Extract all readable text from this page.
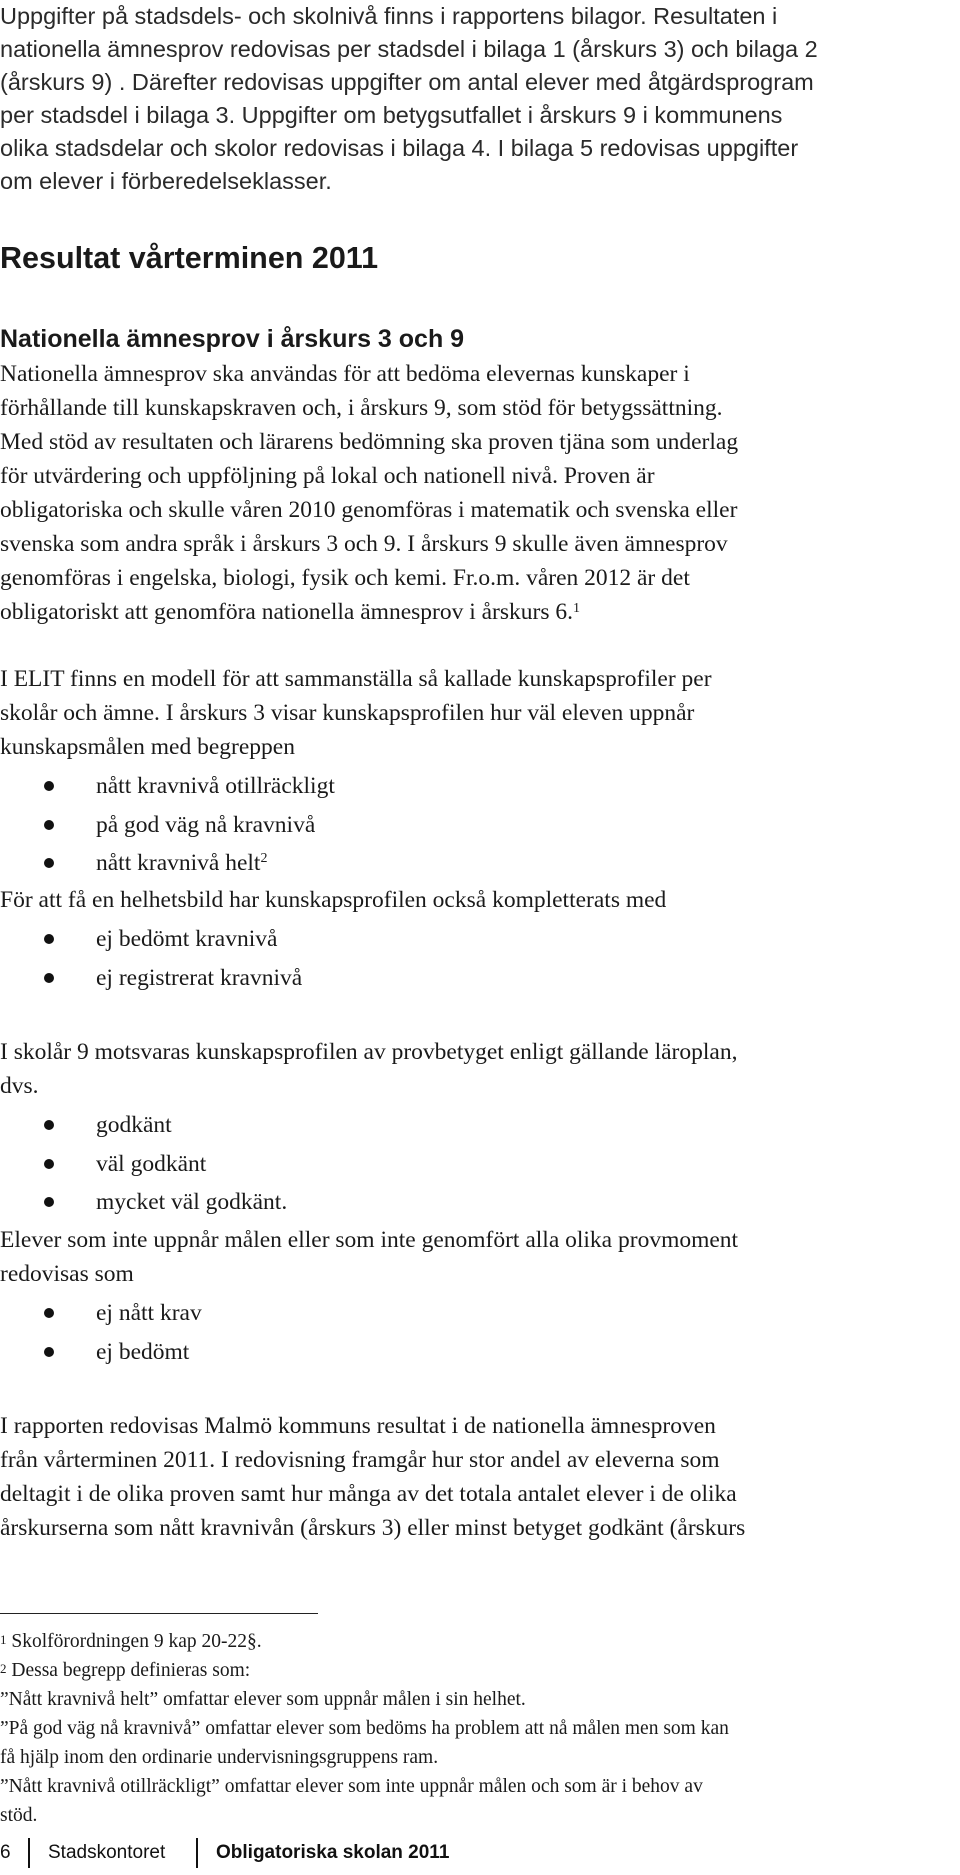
Uppgifter på stadsdels- och skolnivå finns i rapportens bilagor. Resultaten i

nationella ämnesprov redovisas per stadsdel i bilaga 1 (årskurs 3) och bilaga 2

(årskurs 9) . Därefter redovisas uppgifter om antal elever med åtgärdsprogram

per stadsdel i bilaga 3. Uppgifter om betygsutfallet i årskurs 9 i kommunens

olika stadsdelar och skolor redovisas i bilaga 4. I bilaga 5 redovisas uppgifter

om elever i förberedelseklasser.

Resultat vårterminen 2011
Nationella ämnesprov i årskurs 3 och 9

Nationella ämnesprov ska användas för att bedöma elevernas kunskaper i

förhållande till kunskapskraven och, i årskurs 9, som stöd för betygssättning.

Med stöd av resultaten och lärarens bedömning ska proven tjäna som underlag

för utvärdering och uppföljning på lokal och nationell nivå. Proven är

obligatoriska och skulle våren 2010 genomföras i matematik och svenska eller

svenska som andra språk i årskurs 3 och 9. I årskurs 9 skulle även ämnesprov

genomföras i engelska, biologi, fysik och kemi. Fr.o.m. våren 2012 är det

obligatoriskt att genomföra nationella ämnesprov i årskurs 6.$^1$

I ELIT finns en modell för att sammanställa så kallade kunskapsprofiler per

skolår och ämne. I årskurs 3 visar kunskapsprofilen hur väl eleven uppnår

kunskapsmålen med begreppen

nått kravnivå otillräckligt
på god väg nå kravnivå
nått kravnivå helt$^2$

För att få en helhetsbild har kunskapsprofilen också kompletterats med

ej bedömt kravnivå
ej registrerat kravnivå

I skolår 9 motsvaras kunskapsprofilen av provbetyget enligt gällande läroplan,

dvs.

godkänt
väl godkänt
mycket väl godkänt.

Elever som inte uppnår målen eller som inte genomfört alla olika provmoment

redovisas som

ej nått krav
ej bedömt

I rapporten redovisas Malmö kommuns resultat i de nationella ämnesproven

från vårterminen 2011. I redovisning framgår hur stor andel av eleverna som

deltagit i de olika proven samt hur många av det totala antalet elever i de olika

årskurserna som nått kravnivån (årskurs 3) eller minst betyget godkänt (årskurs

$^1$ Skolförordningen 9 kap 20-22§.

$^2$ Dessa begrepp definieras som:

”Nått kravnivå helt” omfattar elever som uppnår målen i sin helhet.

”På god väg nå kravnivå” omfattar elever som bedöms ha problem att nå målen men som kan

få hjälp inom den ordinarie undervisningsgruppens ram.

”Nått kravnivå otillräckligt” omfattar elever som inte uppnår målen och som är i behov av

stöd.

6 Stadskontoret	Obligatoriska skolan 2011
